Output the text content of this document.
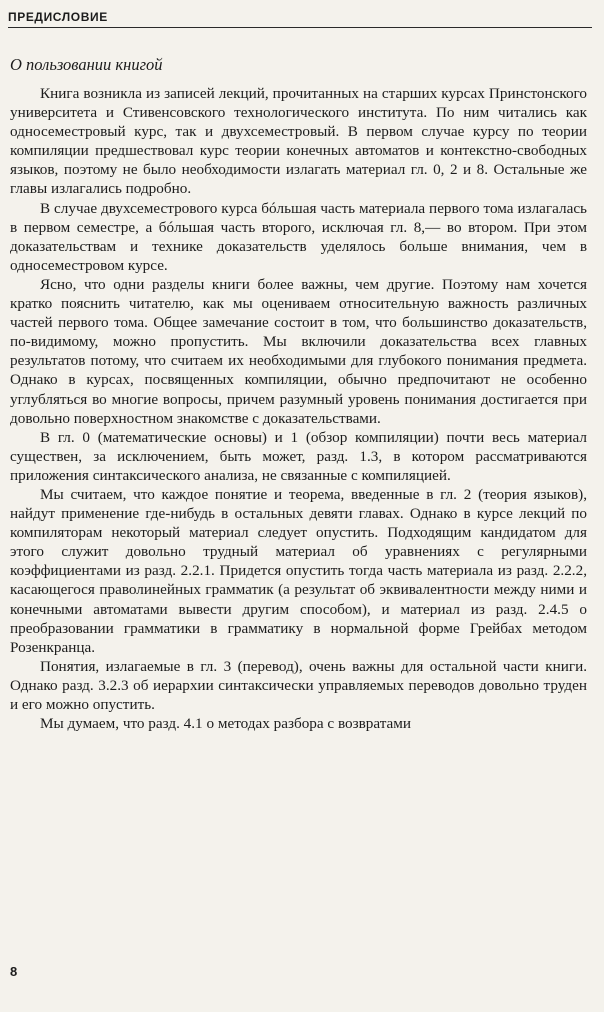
ПРЕДИСЛОВИЕ
О пользовании книгой

Книга возникла из записей лекций, прочитанных на старших курсах Принстонского университета и Стивенсовского технологического института. По ним читались как односеместровый курс, так и двухсеместровый. В первом случае курсу по теории компиляции предшествовал курс теории конечных автоматов и контекстно-свободных языков, поэтому не было необходимости излагать материал гл. 0, 2 и 8. Остальные же главы излагались подробно.

В случае двухсеместрового курса бóльшая часть материала первого тома излагалась в первом семестре, а бóльшая часть второго, исключая гл. 8,— во втором. При этом доказательствам и технике доказательств уделялось больше внимания, чем в односеместровом курсе.

Ясно, что одни разделы книги более важны, чем другие. Поэтому нам хочется кратко пояснить читателю, как мы оцениваем относительную важность различных частей первого тома. Общее замечание состоит в том, что большинство доказательств, по-видимому, можно пропустить. Мы включили доказательства всех главных результатов потому, что считаем их необходимыми для глубокого понимания предмета. Однако в курсах, посвященных компиляции, обычно предпочитают не особенно углубляться во многие вопросы, причем разумный уровень понимания достигается при довольно поверхностном знакомстве с доказательствами.

В гл. 0 (математические основы) и 1 (обзор компиляции) почти весь материал существен, за исключением, быть может, разд. 1.3, в котором рассматриваются приложения синтаксического анализа, не связанные с компиляцией.

Мы считаем, что каждое понятие и теорема, введенные в гл. 2 (теория языков), найдут применение где-нибудь в остальных девяти главах. Однако в курсе лекций по компиляторам некоторый материал следует опустить. Подходящим кандидатом для этого служит довольно трудный материал об уравнениях с регулярными коэффициентами из разд. 2.2.1. Придется опустить тогда часть материала из разд. 2.2.2, касающегося праволинейных грамматик (а результат об эквивалентности между ними и конечными автоматами вывести другим способом), и материал из разд. 2.4.5 о преобразовании грамматики в грамматику в нормальной форме Грейбах методом Розенкранца.

Понятия, излагаемые в гл. 3 (перевод), очень важны для остальной части книги. Однако разд. 3.2.3 об иерархии синтаксически управляемых переводов довольно труден и его можно опустить.

Мы думаем, что разд. 4.1 о методах разбора с возвратами

8
